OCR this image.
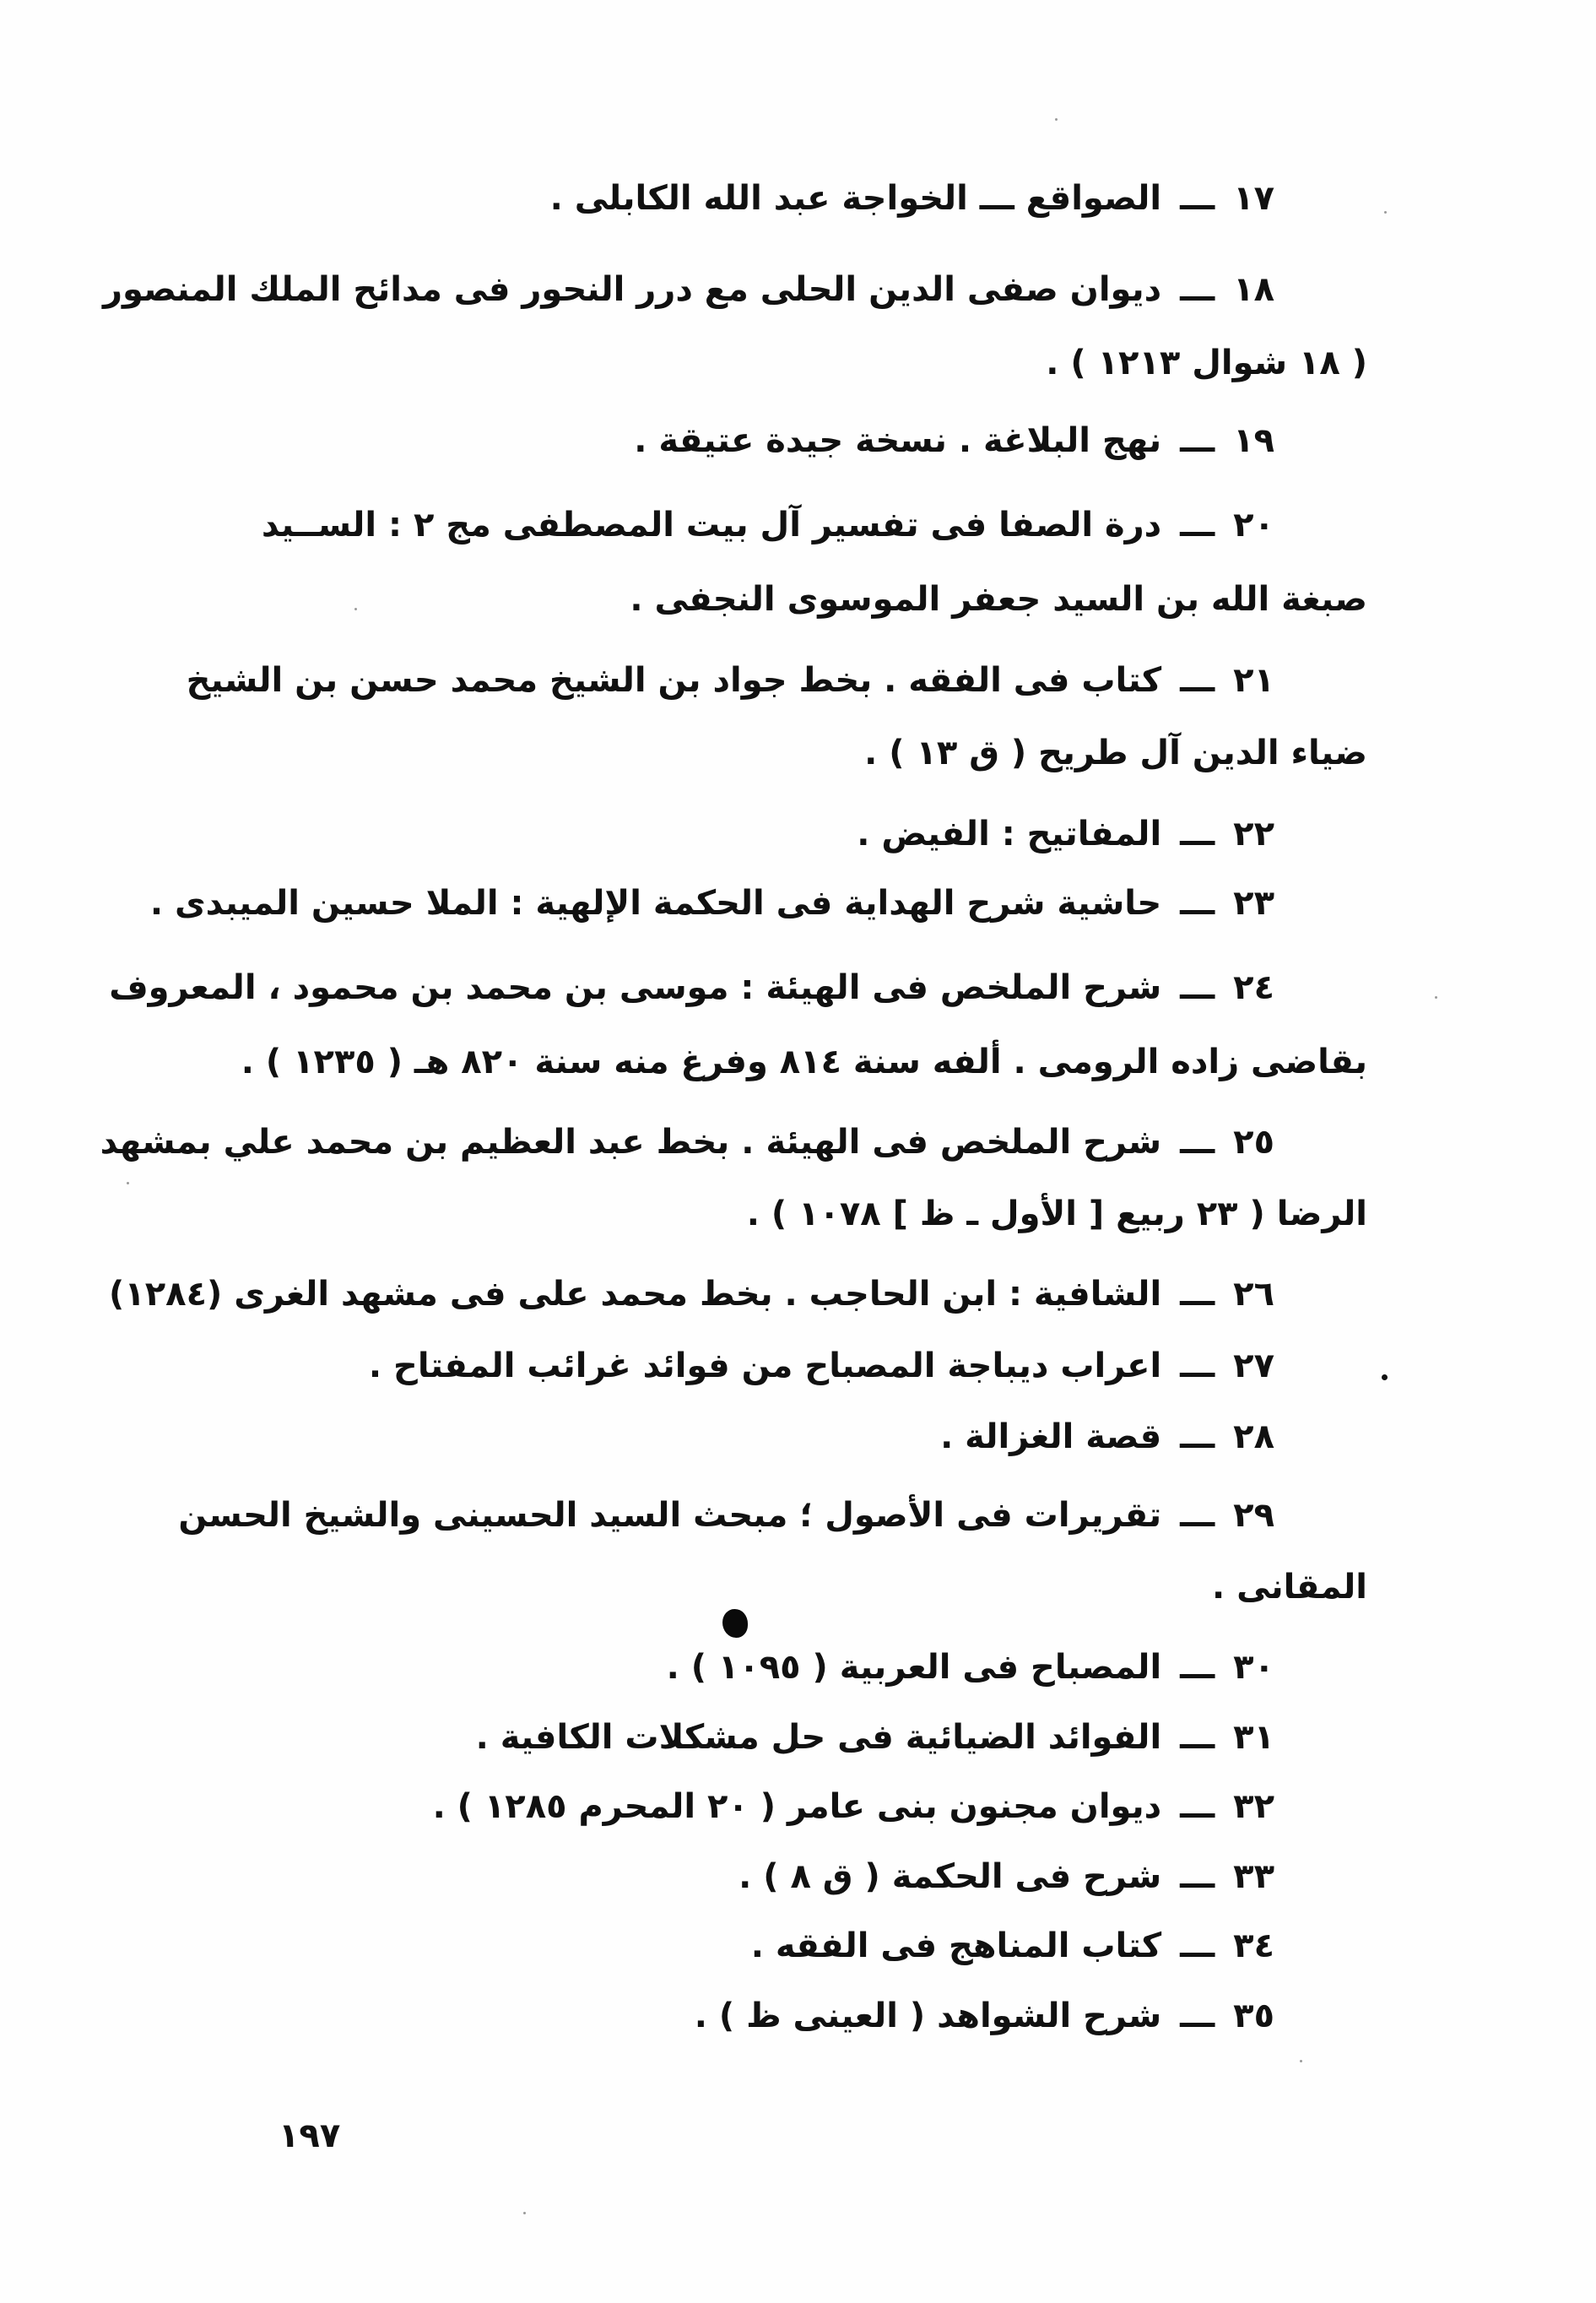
١٧ـــالصواقع ـــ الخواجة عبد الله الكابلى .
١٨ـــديوان صفى الدين الحلى مع درر النحور فى مدائح الملك المنصور
( ١٨ شوال ١٢١٣ ) .
١٩ـــنهج البلاغة . نسخة جيدة عتيقة .
٢٠ـــدرة الصفا فى تفسير آل بيت المصطفى مج ٢ : الســيد
صبغة الله بن السيد جعفر الموسوى النجفى .
٢١ـــكتاب فى الفقه . بخط جواد بن الشيخ محمد حسن بن الشيخ
ضياء الدين آل طريح ( ق ١٣ ) .
٢٢ـــالمفاتيح : الفيض .
٢٣ـــحاشية شرح الهداية فى الحكمة الإلهية : الملا حسين الميبدى .
٢٤ـــشرح الملخص فى الهيئة : موسى بن محمد بن محمود ، المعروف
بقاضى زاده الرومى . ألفه سنة ٨١٤ وفرغ منه سنة ٨٢٠ هـ ( ١٢٣٥ ) .
٢٥ـــشرح الملخص فى الهيئة . بخط عبد العظيم بن محمد علي بمشهد
الرضا ( ٢٣ ربيع [ الأول ـ ظ ] ١٠٧٨ ) .
٢٦ـــالشافية : ابن الحاجب . بخط محمد على فى مشهد الغرى (١٢٨٤)
٢٧ـــاعراب ديباجة المصباح من فوائد غرائب المفتاح .
٢٨ـــقصة الغزالة .
٢٩ـــتقريرات فى الأصول ؛ مبحث السيد الحسينى والشيخ الحسن
المقانى .
٣٠ـــالمصباح فى العربية ( ١٠٩٥ ) .
٣١ـــالفوائد الضيائية فى حل مشكلات الكافية .
٣٢ـــديوان مجنون بنى عامر ( ٢٠ المحرم ١٢٨٥ ) .
٣٣ـــشرح فى الحكمة ( ق ٨ ) .
٣٤ـــكتاب المناهج فى الفقه .
٣٥ـــشرح الشواهد ( العينى ظ ) .
١٩٧
